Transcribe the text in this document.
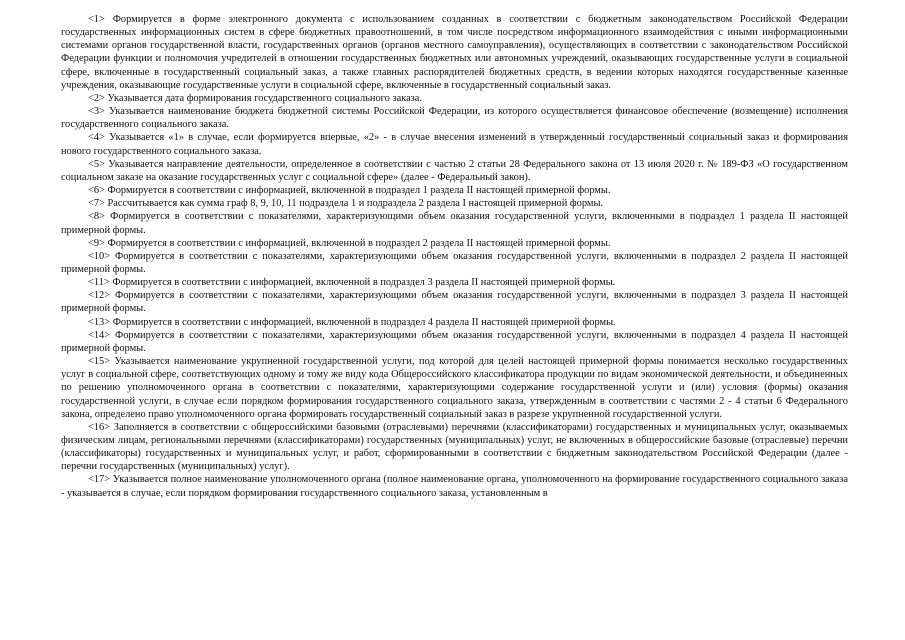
<1> Формируется в форме электронного документа с использованием созданных в соответствии с бюджетным законодательством Российской Федерации государственных информационных систем в сфере бюджетных правоотношений, в том числе посредством информационного взаимодействия с иными информационными системами органов государственной власти, государственных органов (органов местного самоуправления), осуществляющих в соответствии с законодательством Российской Федерации функции и полномочия учредителей в отношении государственных бюджетных или автономных учреждений, оказывающих государственные услуги в социальной сфере, включенные в государственный социальный заказ, а также главных распорядителей бюджетных средств, в ведении которых находятся государственные казенные учреждения, оказывающие государственные услуги в социальной сфере, включенные в государственный социальный заказ.

<2> Указывается дата формирования государственного социального заказа.

<3> Указывается наименование бюджета бюджетной системы Российской Федерации, из которого осуществляется финансовое обеспечение (возмещение) исполнения государственного социального заказа.

<4> Указывается «1» в случае, если формируется впервые, «2» - в случае внесения изменений в утвержденный государственный социальный заказ и формирования нового государственного социального заказа.

<5> Указывается направление деятельности, определенное в соответствии с частью 2 статьи 28 Федерального закона от 13 июля 2020 г. № 189-ФЗ «О государственном социальном заказе на оказание государственных услуг с социальной сфере» (далее - Федеральный закон).

<6> Формируется в соответствии с информацией, включенной в подраздел 1 раздела II настоящей примерной формы.

<7> Рассчитывается как сумма граф 8, 9, 10, 11 подраздела 1 и подраздела 2 раздела I настоящей примерной формы.

<8> Формируется в соответствии с показателями, характеризующими объем оказания государственной услуги, включенными в подраздел 1 раздела II настоящей примерной формы.

<9> Формируется в соответствии с информацией, включенной в подраздел 2 раздела II настоящей примерной формы.

<10> Формируется в соответствии с показателями, характеризующими объем оказания государственной услуги, включенными в подраздел 2 раздела II настоящей примерной формы.

<11> Формируется в соответствии с информацией, включенной в подраздел 3 раздела II настоящей примерной формы.

<12> Формируется в соответствии с показателями, характеризующими объем оказания государственной услуги, включенными в подраздел 3 раздела II настоящей примерной формы.

<13> Формируется в соответствии с информацией, включенной в подраздел 4 раздела II настоящей примерной формы.

<14> Формируется в соответствии с показателями, характеризующими объем оказания государственной услуги, включенными в подраздел 4 раздела II настоящей примерной формы.

<15> Указывается наименование укрупненной государственной услуги, под которой для целей настоящей примерной формы понимается несколько государственных услуг в социальной сфере, соответствующих одному и тому же виду кода Общероссийского классификатора продукции по видам экономической деятельности, и объединенных по решению уполномоченного органа в соответствии с показателями, характеризующими содержание государственной услуги и (или) условия (формы) оказания государственной услуги, в случае если порядком формирования государственного социального заказа, утвержденным в соответствии с частями 2 - 4 статьи 6 Федерального закона, определено право уполномоченного органа формировать государственный социальный заказ в разрезе укрупненной государственной услуги.

<16> Заполняется в соответствии с общероссийскими базовыми (отраслевыми) перечнями (классификаторами) государственных и муниципальных услуг, оказываемых физическим лицам, региональными перечнями (классификаторами) государственных (муниципальных) услуг, не включенных в общероссийские базовые (отраслевые) перечни (классификаторы) государственных и муниципальных услуг, и работ, сформированными в соответствии с бюджетным законодательством Российской Федерации (далее - перечни государственных (муниципальных) услуг).

<17> Указывается полное наименование уполномоченного органа (полное наименование органа, уполномоченного на формирование государственного социального заказа - указывается в случае, если порядком формирования государственного социального заказа, установленным в
